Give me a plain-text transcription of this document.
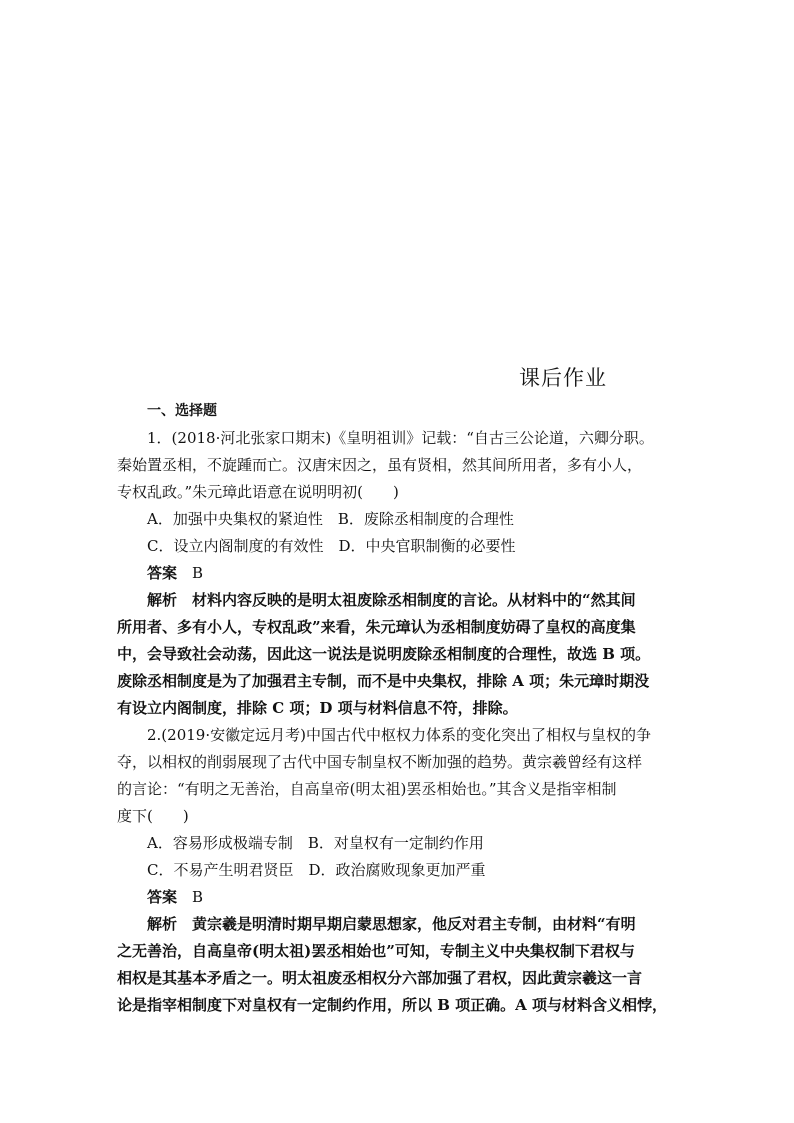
课后作业
一、选择题
1．(2018·河北张家口期末)《皇明祖训》记载：“自古三公论道，六卿分职。
秦始置丞相，不旋踵而亡。汉唐宋因之，虽有贤相，然其间所用者，多有小人，
专权乱政。”朱元璋此语意在说明明初(　　)
A．加强中央集权的紧迫性　B．废除丞相制度的合理性
C．设立内阁制度的有效性　D．中央官职制衡的必要性
答案　 B
解析　 材料内容反映的是明太祖废除丞相制度的言论。从材料中的“然其间
所用者、多有小人，专权乱政”来看，朱元璋认为丞相制度妨碍了皇权的高度集
中，会导致社会动荡，因此这一说法是说明废除丞相制度的合理性，故选 B 项。
废除丞相制度是为了加强君主专制，而不是中央集权，排除 A 项；朱元璋时期没
有设立内阁制度，排除 C 项；D 项与材料信息不符，排除。
2.(2019·安徽定远月考)中国古代中枢权力体系的变化突出了相权与皇权的争
夺，以相权的削弱展现了古代中国专制皇权不断加强的趋势。黄宗羲曾经有这样
的言论：“有明之无善治，自高皇帝(明太祖)罢丞相始也。”其含义是指宰相制
度下(　　)
A．容易形成极端专制　B．对皇权有一定制约作用
C．不易产生明君贤臣　D．政治腐败现象更加严重
答案　 B
解析　 黄宗羲是明清时期早期启蒙思想家，他反对君主专制，由材料“有明
之无善治，自高皇帝(明太祖)罢丞相始也”可知，专制主义中央集权制下君权与
相权是其基本矛盾之一。明太祖废丞相权分六部加强了君权，因此黄宗羲这一言
论是指宰相制度下对皇权有一定制约作用，所以 B 项正确。A 项与材料含义相悖，
